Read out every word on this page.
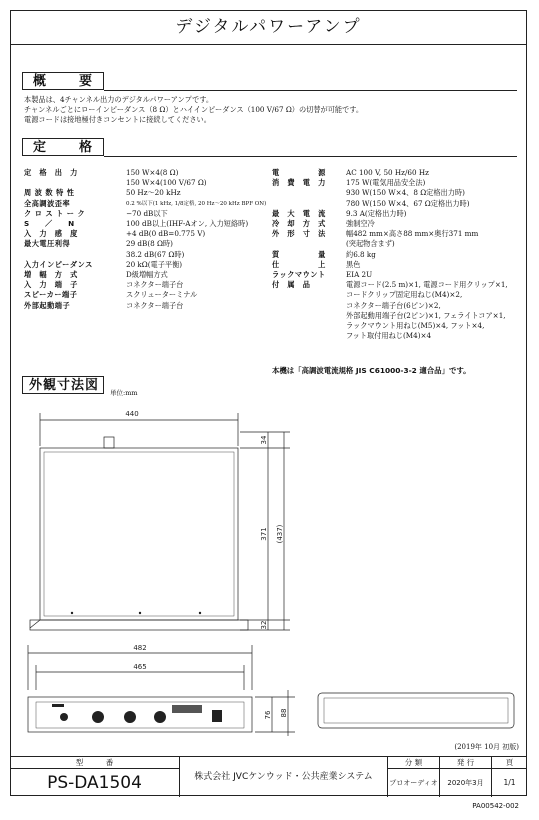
デジタルパワーアンプ
概　要
本製品は、4チャンネル出力のデジタルパワーアンプです。
チャンネルごとにローインピーダンス（8 Ω）とハイインピーダンス（100 V/67 Ω）の切替が可能です。
電源コードは接地極付きコンセントに接続してください。
定　格
定　格　出　力	150 W×4(8 Ω)
150 W×4(100 V/67 Ω)
周 波 数 特 性	50 Hz〜20 kHz
全高調波歪率	0.2 %以下(1 kHz, 1/8定格, 20 Hz〜20 kHz BPF ON)
ク ロ ス ト ー ク	−70 dB以下
S　　／　　N	100 dB以上(IHF-Aオン, 入力短絡時)
入　力　感　度	+4 dB(0 dB=0.775 V)
最大電圧利得	29 dB(8 Ω時)
38.2 dB(67 Ω時)
入力インピーダンス	20 kΩ(電子平衡)
増　幅　方　式	D級増幅方式
入　力　端　子	コネクター端子台
スピーカー端子	スクリューターミナル
外部起動端子	コネクター端子台
電　　　　　源	AC 100 V, 50 Hz/60 Hz
消　費　電　力	175 W(電気用品安全法)
930 W(150 W×4、8 Ω定格出力時)
780 W(150 W×4、67 Ω定格出力時)
最　大　電　流	9.3 A(定格出力時)
冷　却　方　式	強制空冷
外　形　寸　法	幅482 mm×高さ88 mm×奥行371 mm
(突起物含まず)
質　　　　　量	約6.8 kg
仕　　　　　上	黒色
ラックマウント	EIA 2U
付　属　品	電源コード(2.5 m)×1, 電源コード用クリップ×1,
コードクリップ固定用ねじ(M4)×2,
コネクター端子台(6ピン)×2,
外部起動用端子台(2ピン)×1, フェライトコア×1,
ラックマウント用ねじ(M5)×4, フット×4,
フット取付用ねじ(M4)×4
本機は「高調波電流規格 JIS C61000-3-2 適合品」です。
外観寸法図	単位:mm
440
34
371 (437)
32
482
465
76 88
(2019年 10月 初版)
型　　　番
PS-DA1504	株式会社 JVCケンウッド・公共産業システム
分 類
プロオーディオ
発 行
2020年3月
頁
1/1
PA00542-002
